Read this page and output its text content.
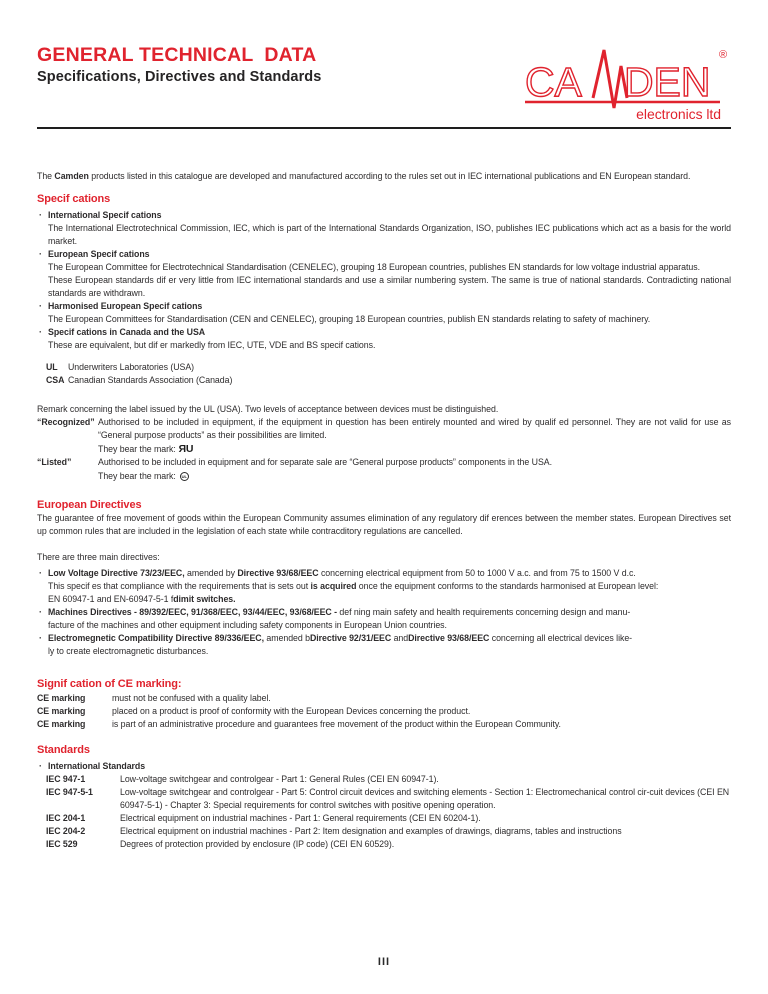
GENERAL TECHNICAL  DATA
Specifications, Directives and Standards	CA DEN
®
electronics ltd

The Camden products listed in this catalogue are developed and manufactured according to the rules set out in IEC international publications and EN European standard.

Specif cations
· International Specif cations

The International Electrotechnical Commission, IEC, which is part of the International Standards Organization, ISO, publishes IEC publications which act as a basis for the world market.

· European Specif cations

The European Committee for Electrotechnical Standardisation (CENELEC), grouping 18 European countries, publishes EN standards for low voltage industrial apparatus.

These European standards dif er very little from IEC international standards and use a similar numbering system. The same is true of national standards. Contradicting national standards are withdrawn.

· Harmonised European Specif cations

The European Committees for Standardisation (CEN and CENELEC), grouping 18 European countries, publish EN standards relating to safety of machinery.

· Specif cations in Canada and the USA

These are equivalent, but dif er markedly from IEC, UTE, VDE and BS specif cations.

UL	Underwriters Laboratories (USA)
CSA Canadian Standards Association (Canada)

Remark concerning the label issued by the UL (USA). Two levels of acceptance between devices must be distinguished.

“Recognized” Authorised to be included in equipment, if the equipment in question has been entirely mounted and wired by qualif ed personnel. They are not valid for use as “General purpose products” as their possibilities are limited.

They bear the mark: R U
“Listed”	Authorised to be included in equipment and for separate sale are “General purpose products” components in the USA.

They bear the mark:	UL
European Directives

The guarantee of free movement of goods within the European Community assumes elimination of any regulatory dif erences between the member states. European Directives set up common rules that are included in the legislation of each state while contracditory regulations are cancelled.

There are three main directives:

· Low Voltage Directive 73/23/EEC, amended by Directive 93/68/EEC concerning electrical equipment from 50 to 1000 V a.c. and from 75 to 1500 V d.c.
This specif es that compliance with the requirements that is sets out is acquired once the equipment conforms to the standards harmonised at European level:
EN 60947-1 and EN-60947-5-1 fdimit switches.
· Machines Directives - 89/392/EEC, 91/368/EEC, 93/44/EEC, 93/68/EEC - def ning main safety and health requirements concerning design and manu-
facture of the machines and other equipment including safety components in European Union countries.
· Electromegnetic Compatibility Directive 89/336/EEC, amended bDirective 92/31/EEC andDirective 93/68/EEC concerning all electrical devices like-
ly to create electromagnetic disturbances.
Signif cation of CE marking:
CE marking	must not be confused with a quality label.
CE marking	placed on a product is proof of conformity with the European Devices concerning the product.
CE marking	is part of an administrative procedure and guarantees free movement of the product within the European Community.
Standards
· International Standards
IEC 947-1	Low-voltage switchgear and controlgear - Part 1: General Rules (CEI EN 60947-1).
IEC 947-5-1	Low-voltage switchgear and controlgear - Part 5: Control circuit devices and switching elements - Section 1: Electromechanical control cir-cuit devices (CEI EN 60947-5-1) - Chapter 3: Special requirements for control switches with positive opening operation.
IEC 204-1	Electrical equipment on industrial machines - Part 1: General requirements (CEI EN 60204-1).
IEC 204-2	Electrical equipment on industrial machines - Part 2: Item designation and examples of drawings, diagrams, tables and instructions
IEC 529	Degrees of protection provided by enclosure (IP code) (CEI EN 60529).
III
